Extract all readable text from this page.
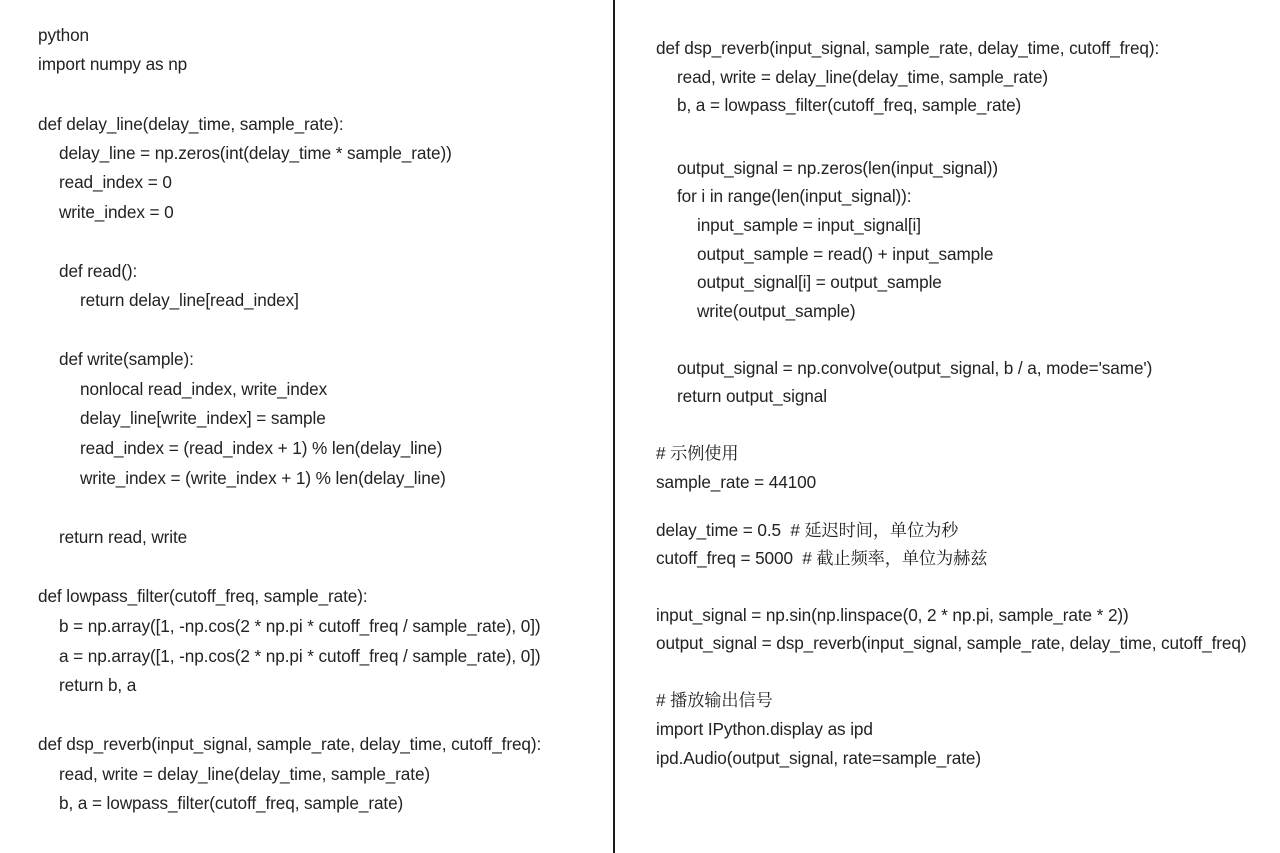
python
import numpy as np
def delay_line(delay_time, sample_rate):
delay_line = np.zeros(int(delay_time * sample_rate))
read_index = 0
write_index = 0
def read():
return delay_line[read_index]
def write(sample):
nonlocal read_index, write_index
delay_line[write_index] = sample
read_index = (read_index + 1) % len(delay_line)
write_index = (write_index + 1) % len(delay_line)
return read, write
def lowpass_filter(cutoff_freq, sample_rate):
b = np.array([1, -np.cos(2 * np.pi * cutoff_freq / sample_rate), 0])
a = np.array([1, -np.cos(2 * np.pi * cutoff_freq / sample_rate), 0])
return b, a
def dsp_reverb(input_signal, sample_rate, delay_time, cutoff_freq):
read, write = delay_line(delay_time, sample_rate)
b, a = lowpass_filter(cutoff_freq, sample_rate)
def dsp_reverb(input_signal, sample_rate, delay_time, cutoff_freq):
read, write = delay_line(delay_time, sample_rate)
b, a = lowpass_filter(cutoff_freq, sample_rate)
output_signal = np.zeros(len(input_signal))
for i in range(len(input_signal)):
input_sample = input_signal[i]
output_sample = read() + input_sample
output_signal[i] = output_sample
write(output_sample)
output_signal = np.convolve(output_signal, b / a, mode='same')
return output_signal
# 示例使用
sample_rate = 44100
delay_time = 0.5  # 延迟时间，单位为秒
cutoff_freq = 5000  # 截止频率，单位为赫兹
input_signal = np.sin(np.linspace(0, 2 * np.pi, sample_rate * 2))
output_signal = dsp_reverb(input_signal, sample_rate, delay_time, cutoff_freq)
# 播放输出信号
import IPython.display as ipd
ipd.Audio(output_signal, rate=sample_rate)
